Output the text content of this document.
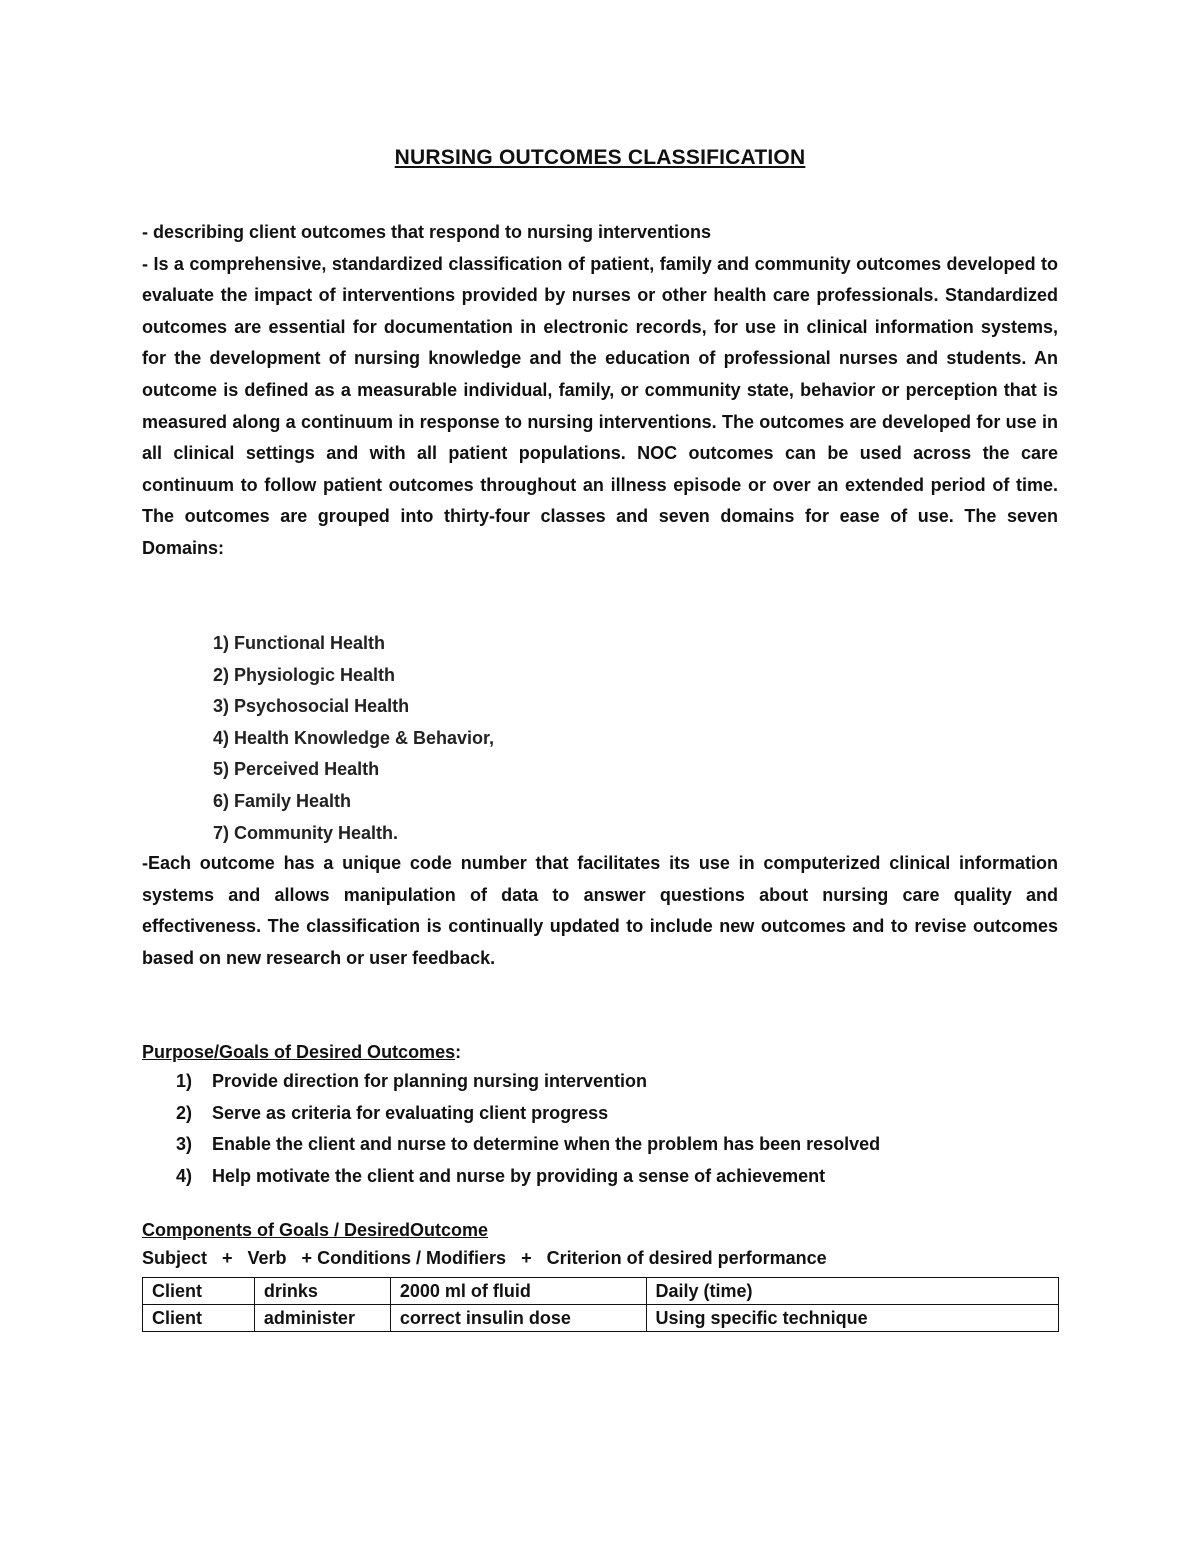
NURSING OUTCOMES CLASSIFICATION

- describing client outcomes that respond to nursing interventions

- Is a comprehensive, standardized classification of patient, family and community outcomes developed to evaluate the impact of interventions provided by nurses or other health care professionals. Standardized outcomes are essential for documentation in electronic records, for use in clinical information systems, for the development of nursing knowledge and the education of professional nurses and students. An outcome is defined as a measurable individual, family, or community state, behavior or perception that is measured along a continuum in response to nursing interventions. The outcomes are developed for use in all clinical settings and with all patient populations. NOC outcomes can be used across the care continuum to follow patient outcomes throughout an illness episode or over an extended period of time. The outcomes are grouped into thirty-four classes and seven domains for ease of use. The seven Domains:

1) Functional Health
2) Physiologic Health
3) Psychosocial Health
4) Health Knowledge & Behavior,
5) Perceived Health
6) Family Health
7) Community Health.

-Each outcome has a unique code number that facilitates its use in computerized clinical information systems and allows manipulation of data to answer questions about nursing care quality and effectiveness. The classification is continually updated to include new outcomes and to revise outcomes based on new research or user feedback.

Purpose/Goals of Desired Outcomes:
1) Provide direction for planning nursing intervention
2) Serve as criteria for evaluating client progress
3) Enable the client and nurse to determine when the problem has been resolved
4) Help motivate the client and nurse by providing a sense of achievement
Components of Goals / DesiredOutcome
Subject   +   Verb   + Conditions / Modifiers   +   Criterion of desired performance
Client	drinks	2000 ml of fluid	Daily (time)
Client	administer	correct insulin dose	Using specific technique
